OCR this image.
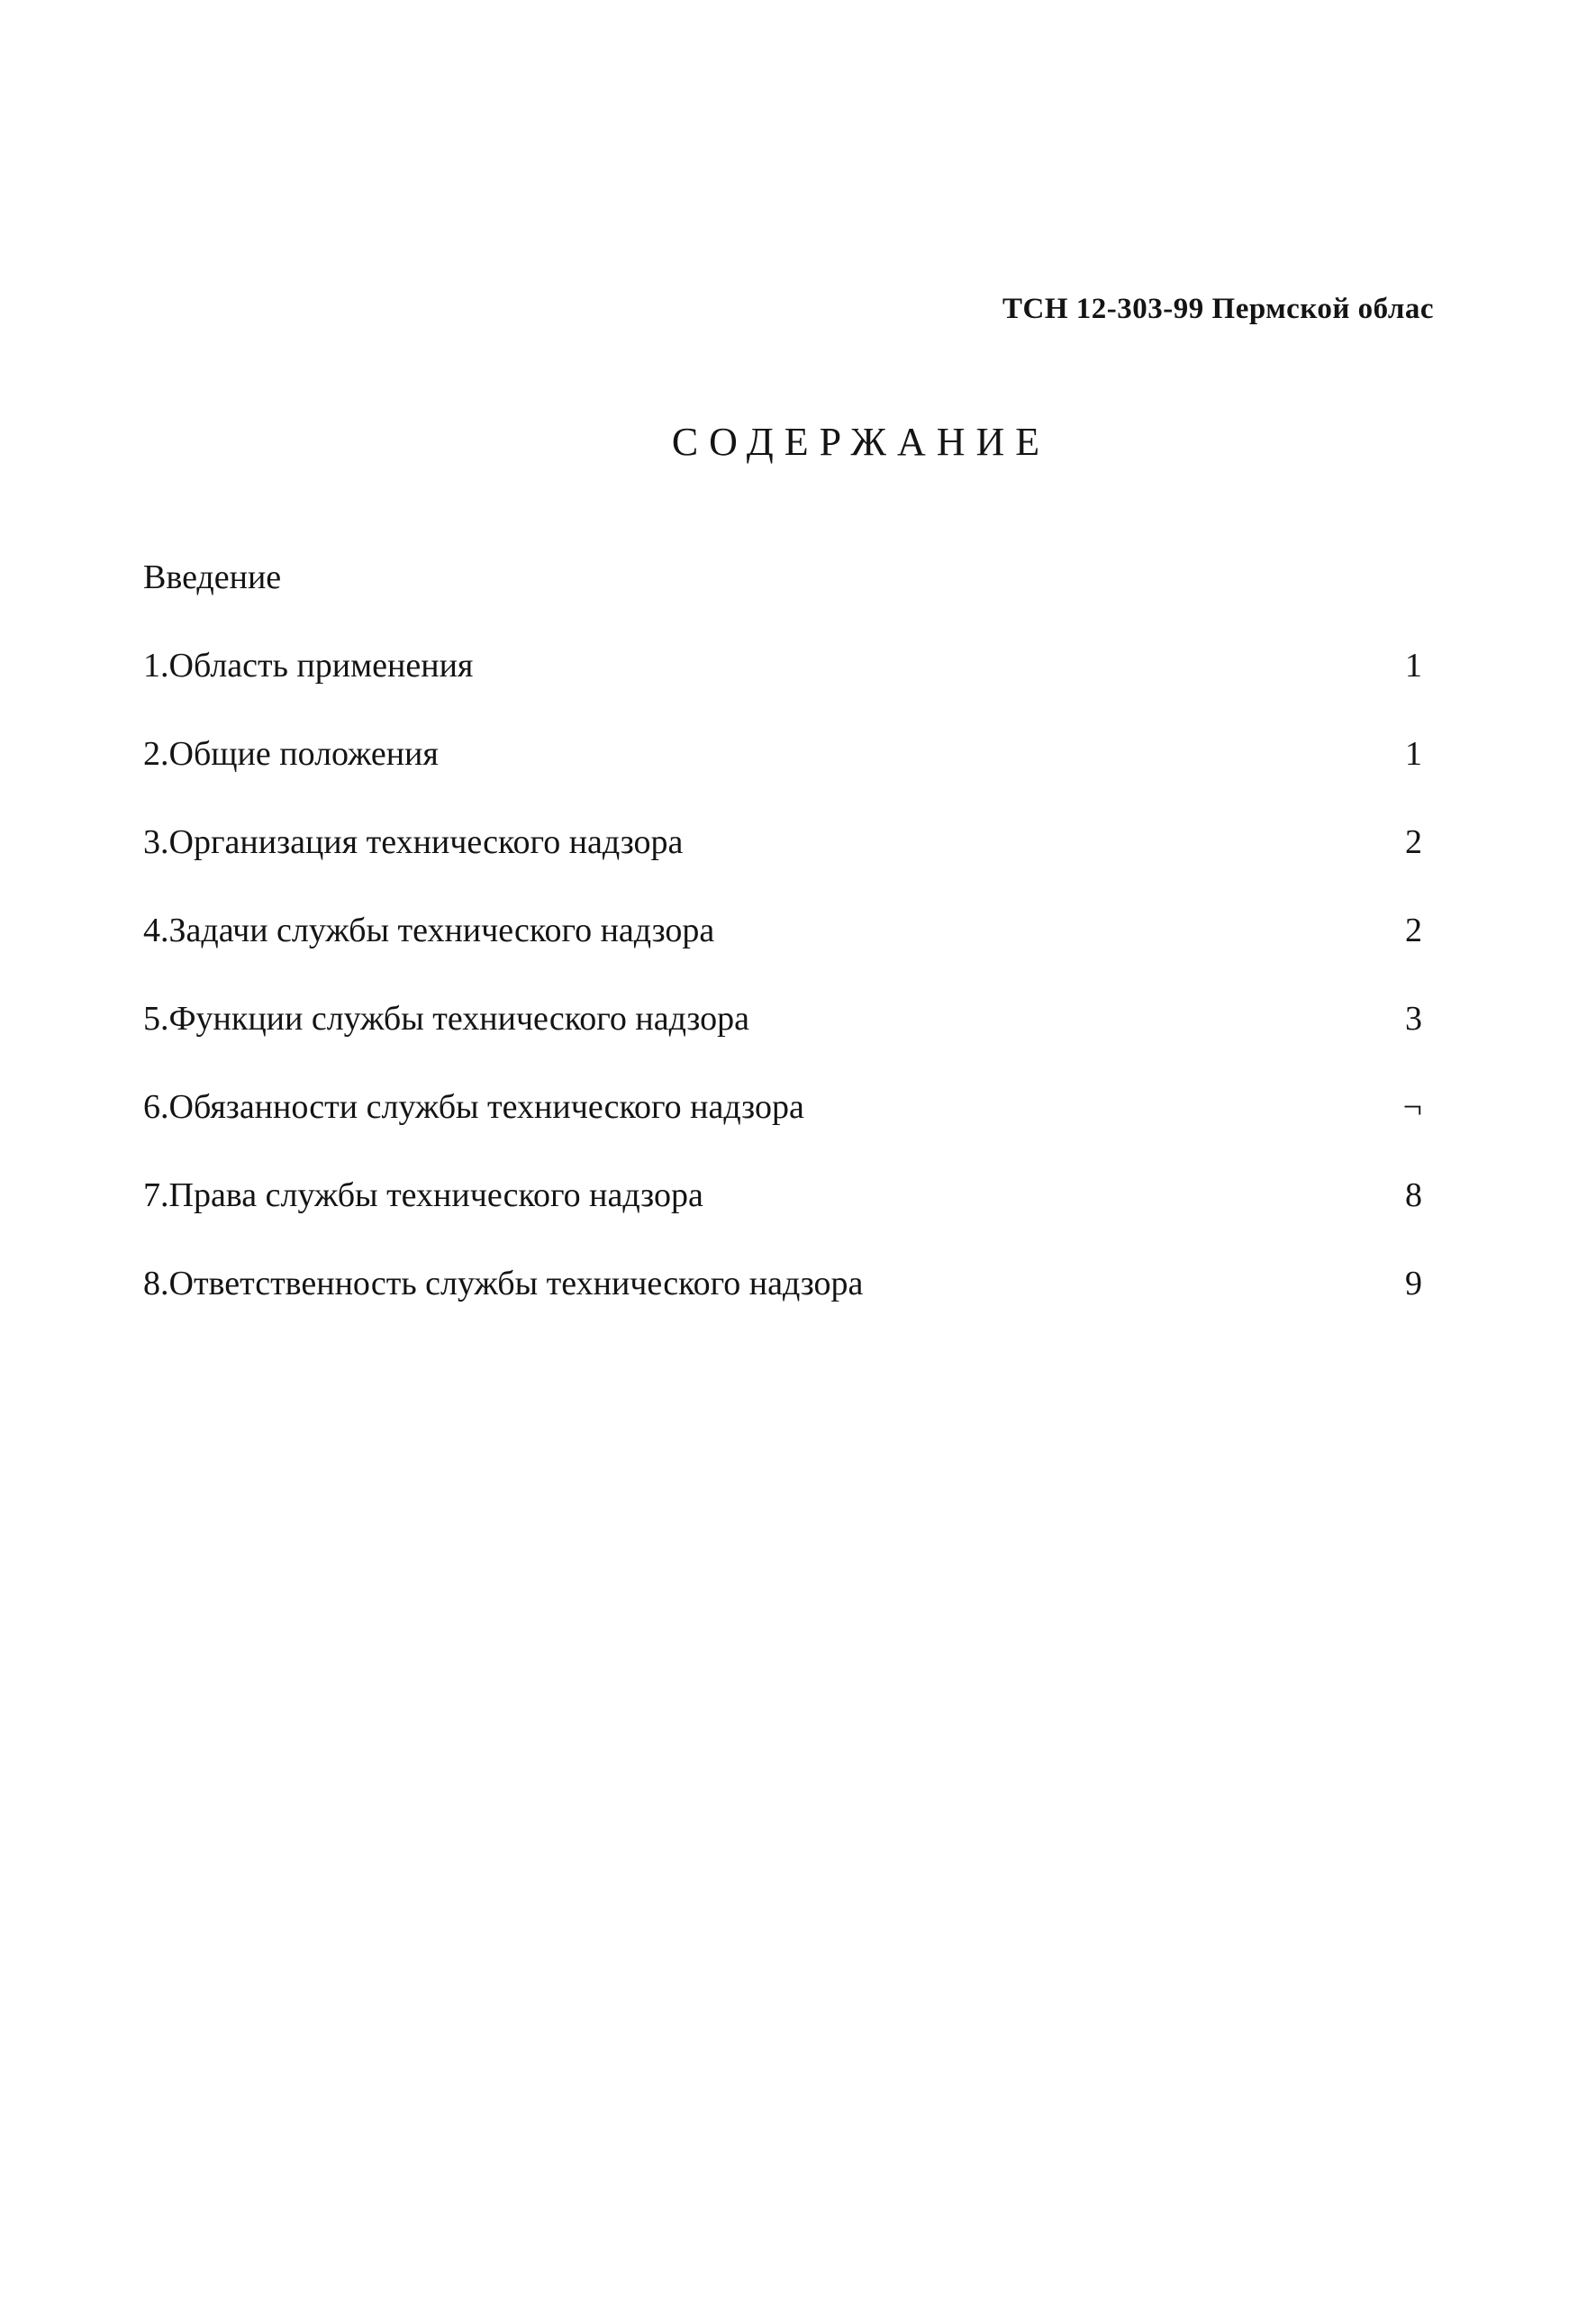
ТСН 12-303-99 Пермской облас
СОДЕРЖАНИЕ
Введение
1.Область применения	1
2.Общие положения	1
3.Организация технического надзора	2
4.Задачи службы технического надзора	2
5.Функции службы технического надзора	3
6.Обязанности службы технического надзора	¬
7.Права службы технического надзора	8
8.Ответственность службы технического надзора	9
